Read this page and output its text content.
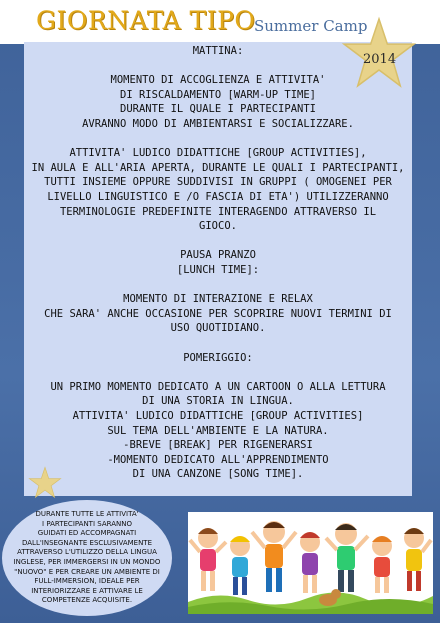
GIORNATA TIPO
Summer Camp
MATTINA:
MOMENTO DI ACCOGLIENZA E ATTIVITA'
DI RISCALDAMENTO [WARM-UP TIME]
DURANTE IL QUALE I PARTECIPANTI
AVRANNO MODO DI AMBIENTARSI E SOCIALIZZARE.
ATTIVITA' LUDICO DIDATTICHE [GROUP ACTIVITIES],
IN AULA E ALL'ARIA APERTA, DURANTE LE QUALI I PARTECIPANTI,
TUTTI INSIEME OPPURE SUDDIVISI IN GRUPPI ( OMOGENEI PER
LIVELLO LINGUISTICO E /O FASCIA DI ETA') UTILIZZERANNO
TERMINOLOGIE PREDEFINITE INTERAGENDO ATTRAVERSO IL
GIOCO.
PAUSA PRANZO
[LUNCH TIME]:
MOMENTO DI INTERAZIONE E RELAX
CHE SARA' ANCHE OCCASIONE PER SCOPRIRE NUOVI TERMINI DI
USO QUOTIDIANO.
POMERIGGIO:
UN PRIMO MOMENTO DEDICATO A UN CARTOON O ALLA LETTURA
DI UNA STORIA IN LINGUA.
ATTIVITA' LUDICO DIDATTICHE [GROUP ACTIVITIES]
SUL TEMA DELL'AMBIENTE E LA NATURA.
-BREVE [BREAK] PER RIGENERARSI
-MOMENTO DEDICATO ALL'APPRENDIMENTO
DI UNA CANZONE [SONG TIME].
2014
DURANTE TUTTE LE ATTIVITA'
I PARTECIPANTI SARANNO
GUIDATI ED ACCOMPAGNATI
DALL'INSEGNANTE ESCLUSIVAMENTE
ATTRAVERSO L'UTILIZZO DELLA LINGUA
INGLESE, PER IMMERGERSI IN UN MONDO
"NUOVO" E PER CREARE UN AMBIENTE DI
FULL-IMMERSION, IDEALE PER
INTERIORIZZARE E ATTIVARE LE
COMPETENZE ACQUISITE.
